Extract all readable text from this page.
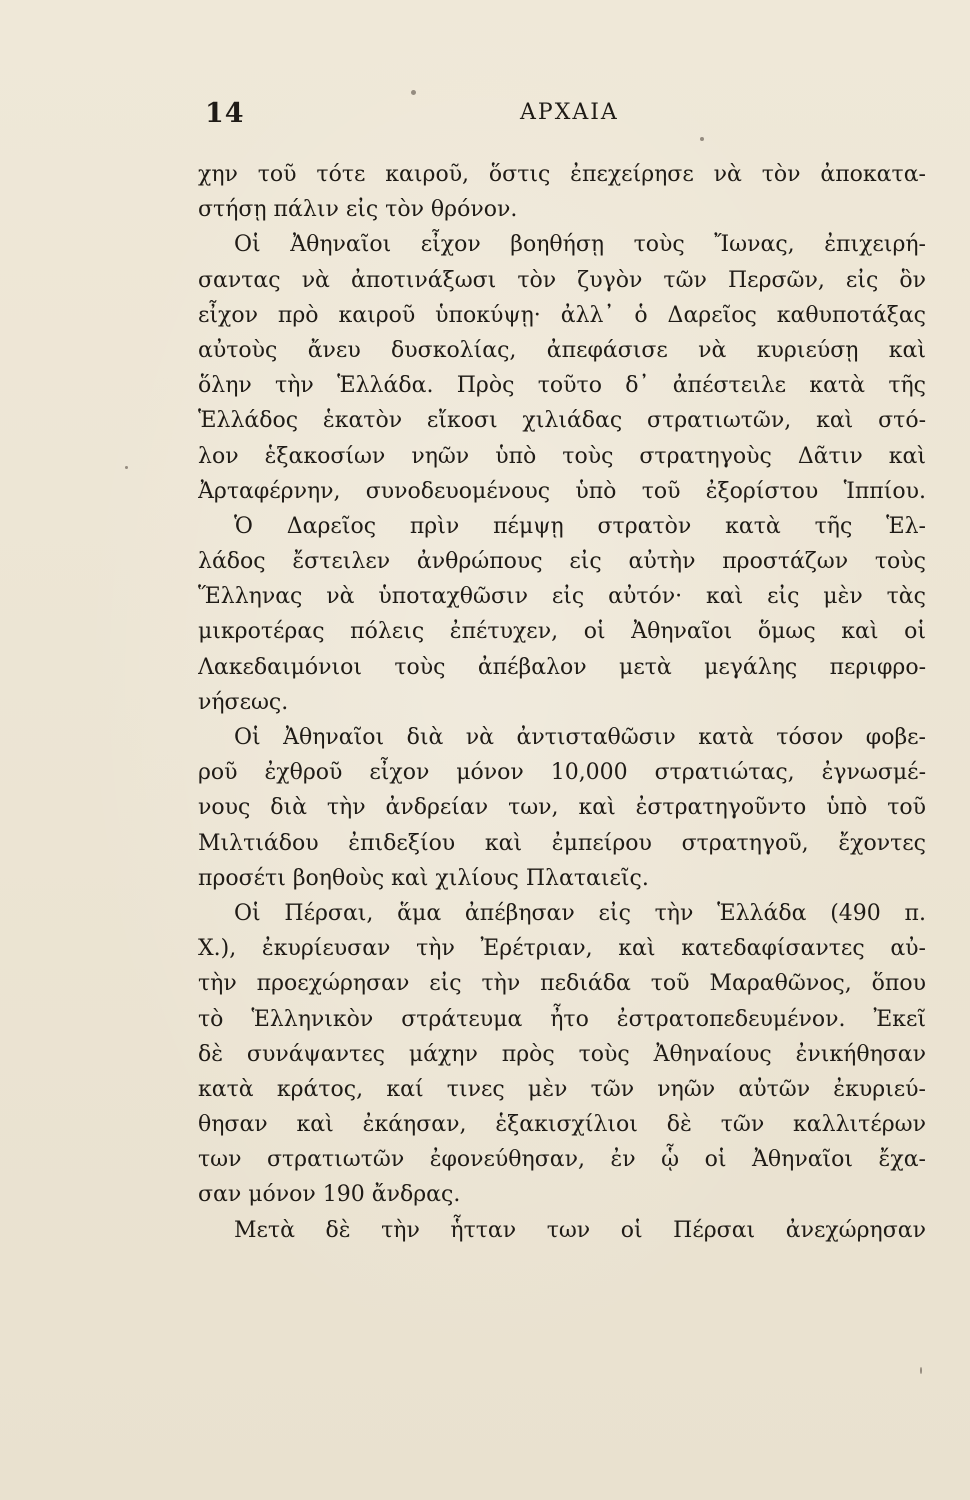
14	ΑΡΧΑΙΑ
χην τοῦ τότε καιροῦ, ὅστις ἐπεχείρησε νὰ τὸν ἀποκατα-
στήσῃ πάλιν εἰς τὸν θρόνον.
Οἱ Ἀθηναῖοι εἶχον βοηθήσῃ τοὺς Ἴωνας, ἐπιχειρή-
σαντας νὰ ἀποτινάξωσι τὸν ζυγὸν τῶν Περσῶν, εἰς ὃν
εἶχον πρὸ καιροῦ ὑποκύψῃ· ἀλλ᾿ ὁ Δαρεῖος καθυποτάξας
αὐτοὺς ἄνευ δυσκολίας, ἀπεφάσισε νὰ κυριεύσῃ καὶ
ὅλην τὴν Ἑλλάδα. Πρὸς τοῦτο δ᾿ ἀπέστειλε κατὰ τῆς
Ἑλλάδος ἑκατὸν εἴκοσι χιλιάδας στρατιωτῶν, καὶ στό-
λον ἑξακοσίων νηῶν ὑπὸ τοὺς στρατηγοὺς Δᾶτιν καὶ
Ἀρταφέρνην, συνοδευομένους ὑπὸ τοῦ ἐξορίστου Ἱππίου.
Ὁ Δαρεῖος πρὶν πέμψῃ στρατὸν κατὰ τῆς Ἑλ-
λάδος ἔστειλεν ἀνθρώπους εἰς αὐτὴν προστάζων τοὺς
Ἕλληνας νὰ ὑποταχθῶσιν εἰς αὐτόν· καὶ εἰς μὲν τὰς
μικροτέρας πόλεις ἐπέτυχεν, οἱ Ἀθηναῖοι ὅμως καὶ οἱ
Λακεδαιμόνιοι τοὺς ἀπέβαλον μετὰ μεγάλης περιφρο-
νήσεως.
Οἱ Ἀθηναῖοι διὰ νὰ ἀντισταθῶσιν κατὰ τόσον φοβε-
ροῦ ἐχθροῦ εἶχον μόνον 10,000 στρατιώτας, ἐγνωσμέ-
νους διὰ τὴν ἀνδρείαν των, καὶ ἐστρατηγοῦντο ὑπὸ τοῦ
Μιλτιάδου ἐπιδεξίου καὶ ἐμπείρου στρατηγοῦ, ἔχοντες
προσέτι βοηθοὺς καὶ χιλίους Πλαταιεῖς.
Οἱ Πέρσαι, ἅμα ἀπέβησαν εἰς τὴν Ἑλλάδα (490 π.
Χ.), ἐκυρίευσαν τὴν Ἐρέτριαν, καὶ κατεδαφίσαντες αὐ-
τὴν προεχώρησαν εἰς τὴν πεδιάδα τοῦ Μαραθῶνος, ὅπου
τὸ Ἑλληνικὸν στράτευμα ἦτο ἐστρατοπεδευμένον. Ἐκεῖ
δὲ συνάψαντες μάχην πρὸς τοὺς Ἀθηναίους ἐνικήθησαν
κατὰ κράτος, καί τινες μὲν τῶν νηῶν αὐτῶν ἐκυριεύ-
θησαν καὶ ἐκάησαν, ἑξακισχίλιοι δὲ τῶν καλλιτέρων
των στρατιωτῶν ἐφονεύθησαν, ἐν ᾧ οἱ Ἀθηναῖοι ἔχα-
σαν μόνον 190 ἄνδρας.
Μετὰ δὲ τὴν ἧτταν των οἱ Πέρσαι ἀνεχώρησαν
